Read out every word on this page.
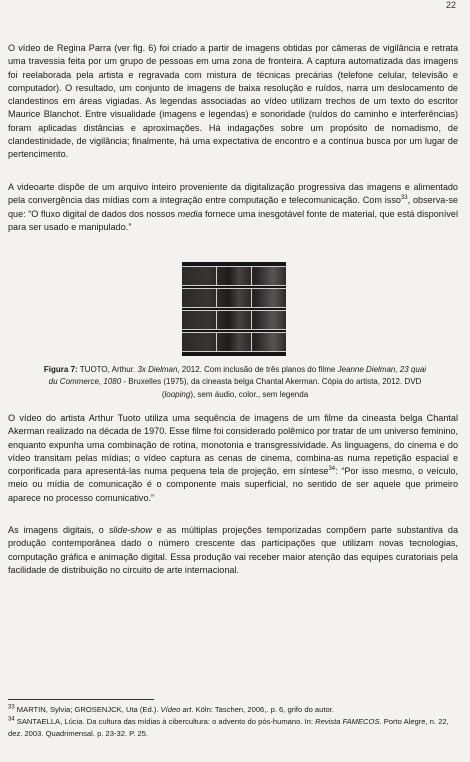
22

O vídeo de Regina Parra (ver fig. 6) foi criado a partir de imagens obtidas por câmeras de vigilância e retrata uma travessia feita por um grupo de pessoas em uma zona de fronteira. A captura automatizada das imagens foi reelaborada pela artista e regravada com mistura de técnicas precárias (telefone celular, televisão e computador). O resultado, um conjunto de imagens de baixa resolução e ruídos, narra um deslocamento de clandestinos em áreas vigiadas. As legendas associadas ao vídeo utilizam trechos de um texto do escritor Maurice Blanchot. Entre visualidade (imagens e legendas) e sonoridade (ruídos do caminho e interferências) foram aplicadas distâncias e aproximações. Há indagações sobre um propósito de nomadismo, de clandestinidade, de vigilância; finalmente, há uma expectativa de encontro e a contínua busca por um lugar de pertencimento.

A videoarte dispõe de um arquivo inteiro proveniente da digitalização progressiva das imagens e alimentado pela convergência das mídias com a integração entre computação e telecomunicação. Com isso$^{33}$, observa-se que: “O fluxo digital de dados dos nossos media fornece uma inesgotável fonte de material, que está disponível para ser usado e manipulado.”

Figura 7: TUOTO, Arthur. 3x Dielman, 2012. Com inclusão de três planos do filme Jeanne Dielman, 23 quai du Commerce, 1080 - Bruxelles (1975), da cineasta belga Chantal Akerman. Cópia do artista, 2012. DVD (looping), sem áudio, color., sem legenda

O vídeo do artista Arthur Tuoto utiliza uma sequência de imagens de um filme da cineasta belga Chantal Akerman realizado na década de 1970. Esse filme foi considerado polêmico por tratar de um universo feminino, enquanto expunha uma combinação de rotina, monotonia e transgressividade. As linguagens, do cinema e do vídeo transitam pelas mídias; o vídeo captura as cenas de cinema, combina-as numa repetição espacial e corporificada para apresentá-las numa pequena tela de projeção, em síntese$^{34}$: “Por isso mesmo, o veículo, meio ou mídia de comunicação é o componente mais superficial, no sentido de ser aquele que primeiro aparece no processo comunicativo.”

As imagens digitais, o slide-show e as múltiplas projeções temporizadas compõem parte substantiva da produção contemporânea dado o número crescente das participações que utilizam novas tecnologias, computação gráfica e animação digital. Essa produção vai receber maior atenção das equipes curatoriais pela facilidade de distribuição no circuito de arte internacional.

$^{33}$ MARTIN, Sylvia; GROSENJCK, Uta (Ed.). Vídeo art. Köln: Taschen, 2006,. p. 6, grifo do autor.

$^{34}$ SANTAELLA, Lúcia. Da cultura das mídias à cibercultura: o advento do pós-humano. In: Revista FAMECOS. Porto Alegre, n. 22, dez. 2003. Quadrimensal. p. 23-32. P. 25.
